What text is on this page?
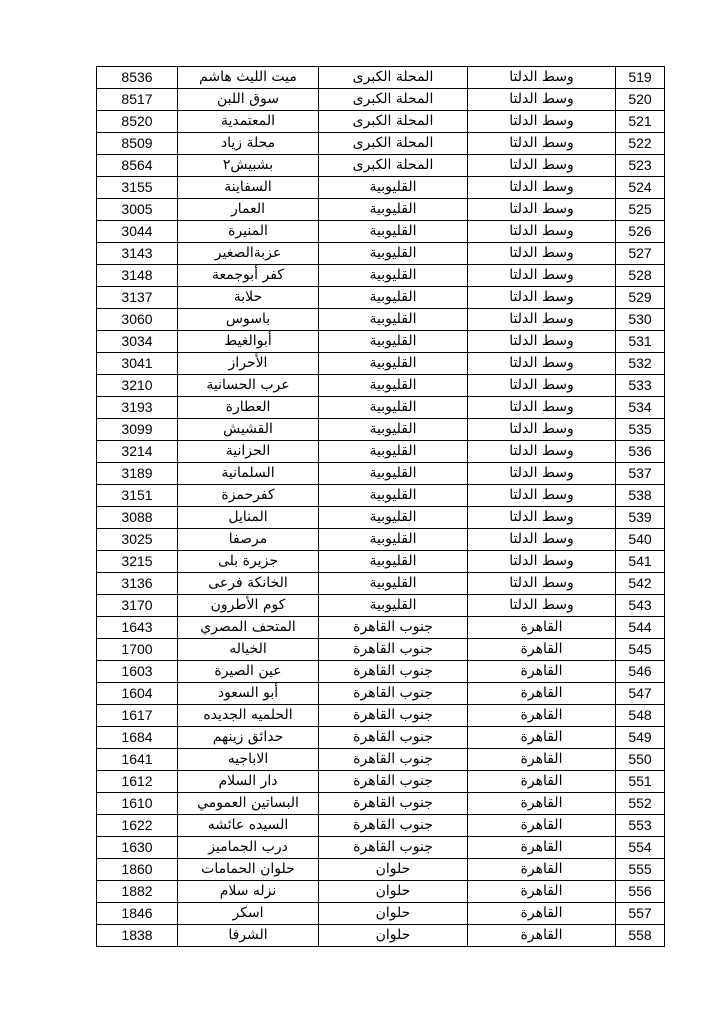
8536	ميت الليث هاشم	المحلة الكبرى	وسط الدلتا	519
8517	سوق اللبن	المحلة الكبرى	وسط الدلتا	520
8520	المعتمدية	المحلة الكبرى	وسط الدلتا	521
8509	محلة زياد	المحلة الكبرى	وسط الدلتا	522
8564	بشبيش٢	المحلة الكبرى	وسط الدلتا	523
3155	السفاينة	القليوبية	وسط الدلتا	524
3005	العمار	القليوبية	وسط الدلتا	525
3044	المنيرة	القليوبية	وسط الدلتا	526
3143	عزبةالصغير	القليوبية	وسط الدلتا	527
3148	كفر أبوجمعة	القليوبية	وسط الدلتا	528
3137	حلابة	القليوبية	وسط الدلتا	529
3060	باسوس	القليوبية	وسط الدلتا	530
3034	أبوالغيط	القليوبية	وسط الدلتا	531
3041	الأحراز	القليوبية	وسط الدلتا	532
3210	عرب الحسانية	القليوبية	وسط الدلتا	533
3193	العطارة	القليوبية	وسط الدلتا	534
3099	القشيش	القليوبية	وسط الدلتا	535
3214	الحزانية	القليوبية	وسط الدلتا	536
3189	السلمانية	القليوبية	وسط الدلتا	537
3151	كفرحمزة	القليوبية	وسط الدلتا	538
3088	المنايل	القليوبية	وسط الدلتا	539
3025	مرصفا	القليوبية	وسط الدلتا	540
3215	جزيرة بلى	القليوبية	وسط الدلتا	541
3136	الخانكة فرعى	القليوبية	وسط الدلتا	542
3170	كوم الأطرون	القليوبية	وسط الدلتا	543
1643	المتحف المصري	جنوب القاهرة	القاهرة	544
1700	الخياله	جنوب القاهرة	القاهرة	545
1603	عين الصيرة	جنوب القاهرة	القاهرة	546
1604	أبو السعود	جنوب القاهرة	القاهرة	547
1617	الحلميه الجديده	جنوب القاهرة	القاهرة	548
1684	حدائق زينهم	جنوب القاهرة	القاهرة	549
1641	الاباجيه	جنوب القاهرة	القاهرة	550
1612	دار السلام	جنوب القاهرة	القاهرة	551
1610	البساتين العمومي	جنوب القاهرة	القاهرة	552
1622	السيده عائشه	جنوب القاهرة	القاهرة	553
1630	درب الجماميز	جنوب القاهرة	القاهرة	554
1860	حلوان الحمامات	حلوان	القاهرة	555
1882	نزله سلام	حلوان	القاهرة	556
1846	اسكر	حلوان	القاهرة	557
1838	الشرفا	حلوان	القاهرة	558
